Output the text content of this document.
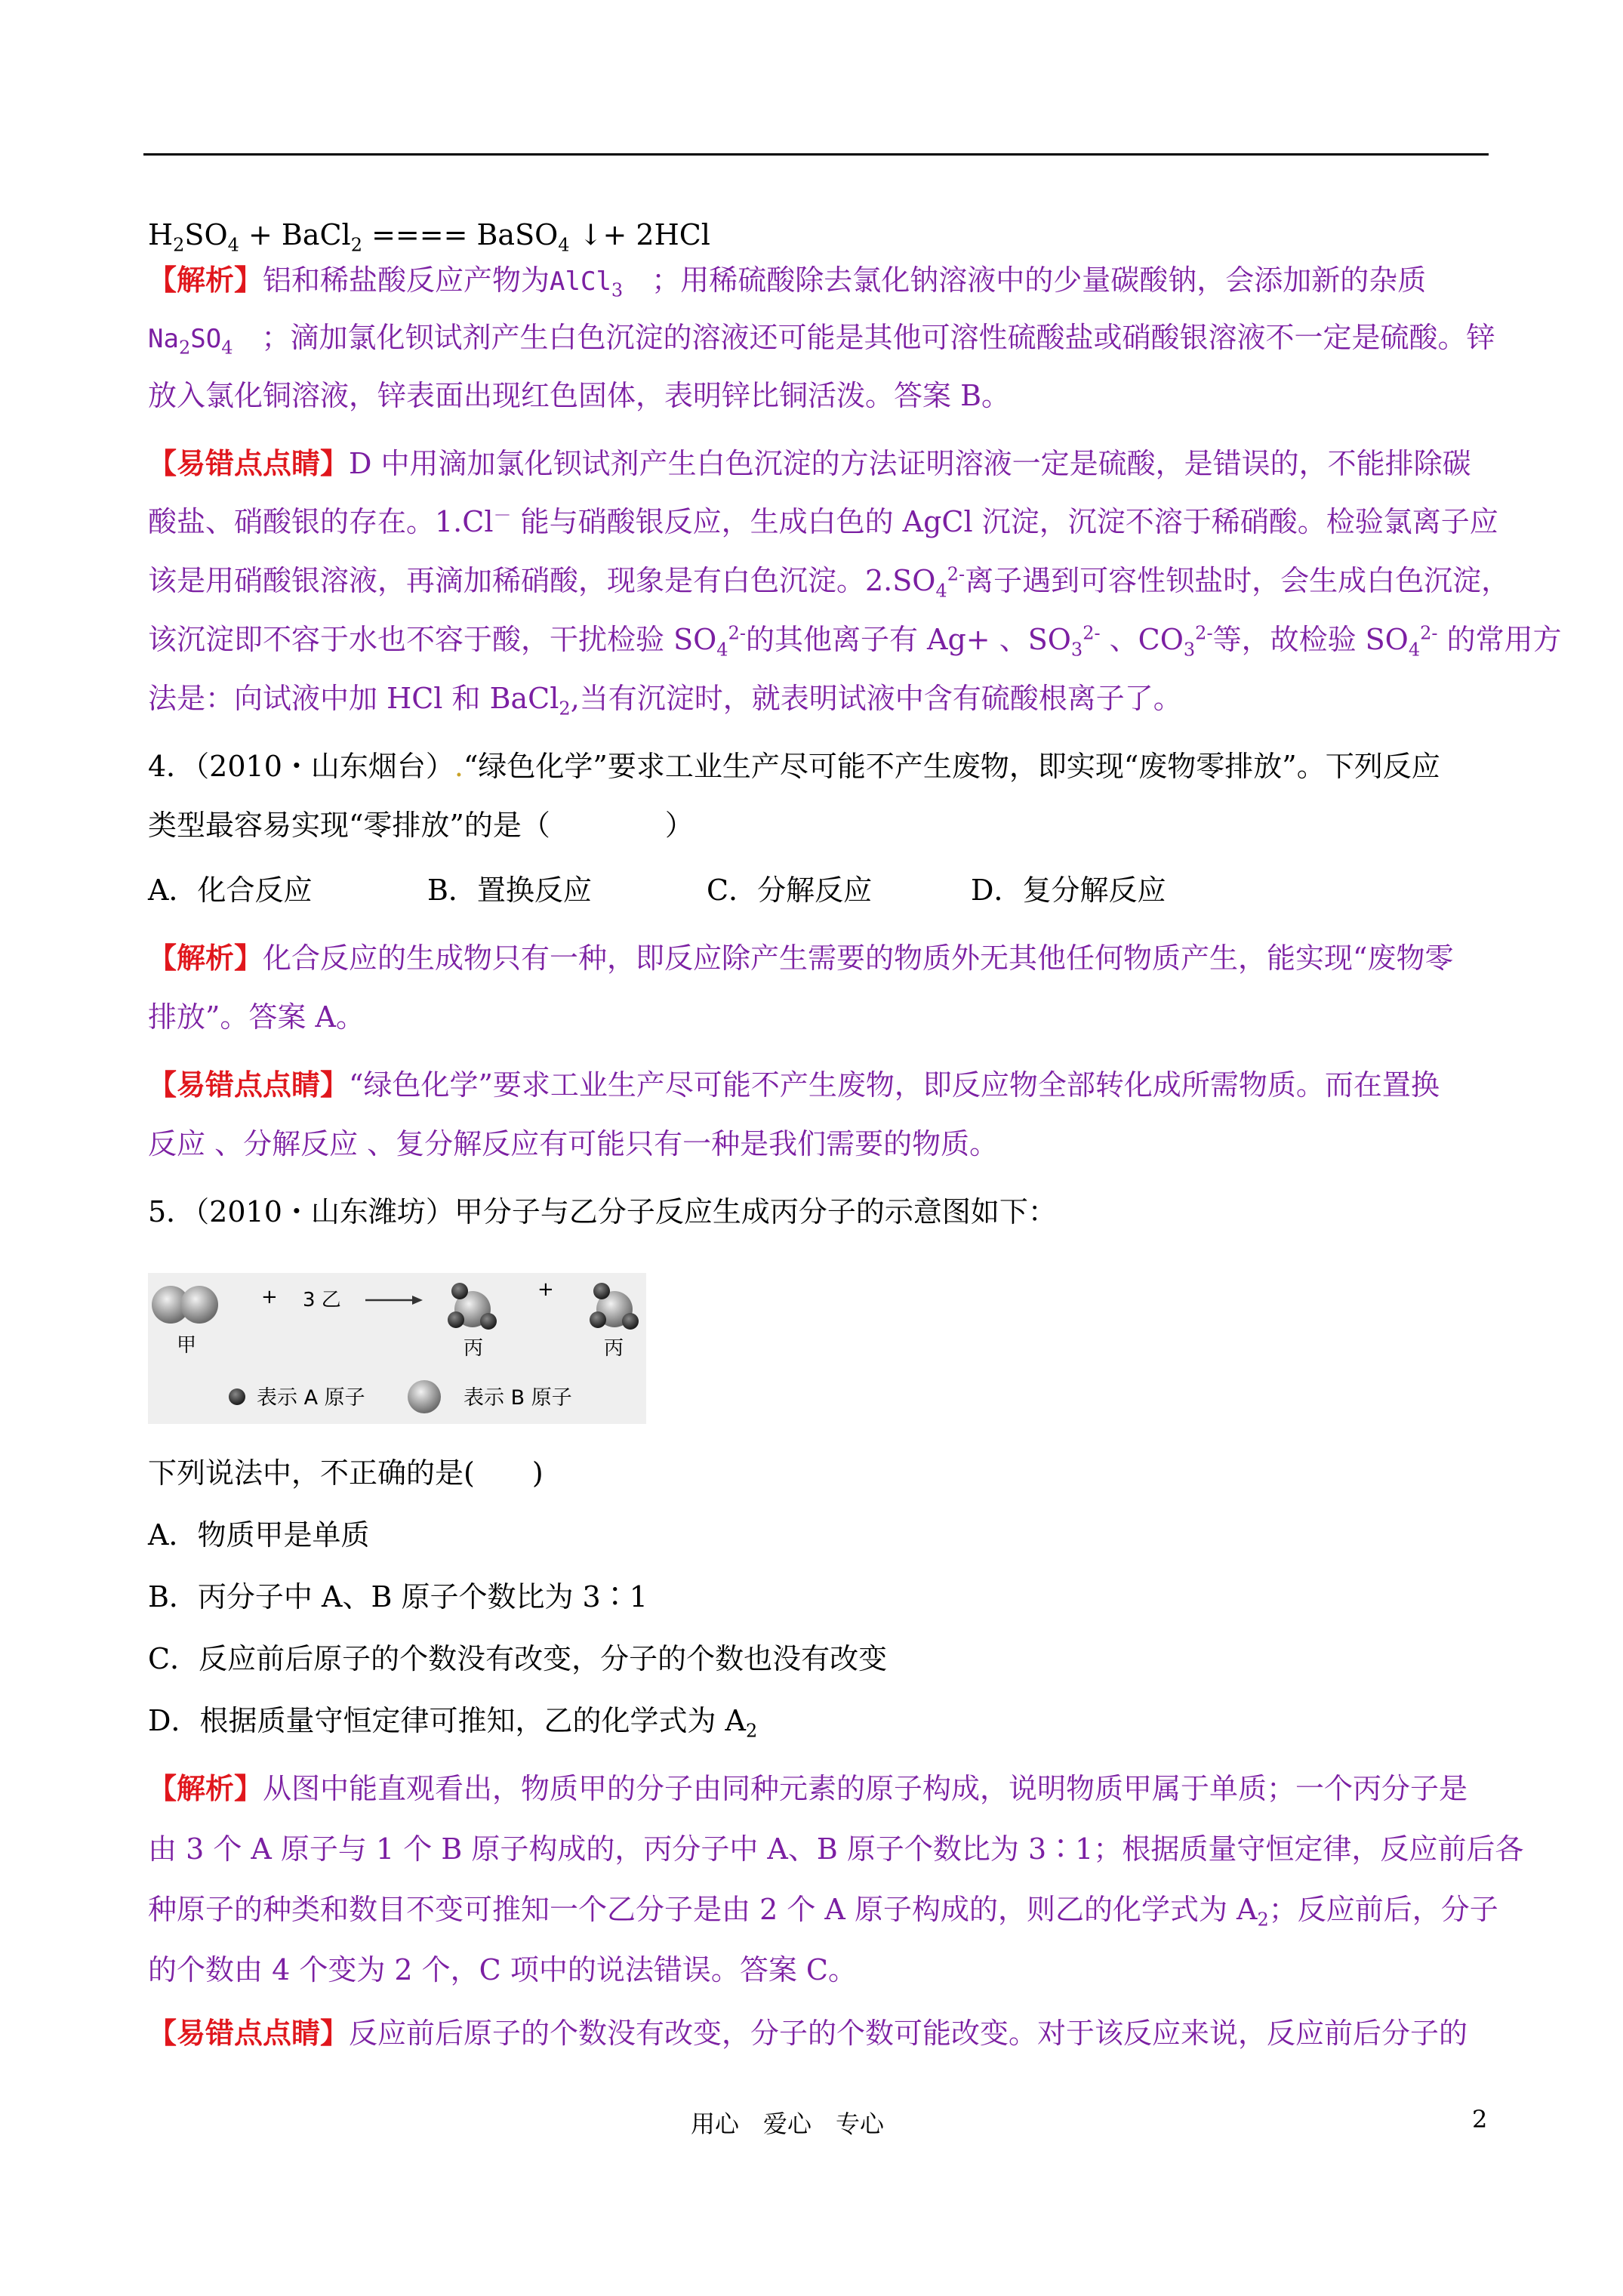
$H_2SO_4$ + BaCl$_2$ ==== BaSO$_4$ ↓+ 2HCl
【解析】铝和稀盐酸反应产物为AlCl$_3$　；用稀硫酸除去氯化钠溶液中的少量碳酸钠，会添加新的杂质
$Na_2SO_4$　；滴加氯化钡试剂产生白色沉淀的溶液还可能是其他可溶性硫酸盐或硝酸银溶液不一定是硫酸。锌
放入氯化铜溶液，锌表面出现红色固体，表明锌比铜活泼。答案 B。
【易错点点睛】D 中用滴加氯化钡试剂产生白色沉淀的方法证明溶液一定是硫酸，是错误的，不能排除碳
酸盐、硝酸银的存在。1.Cl－ 能与硝酸银反应，生成白色的 AgCl 沉淀，沉淀不溶于稀硝酸。检验氯离子应
该是用硝酸银溶液，再滴加稀硝酸，现象是有白色沉淀。$2.SO_4^{2-}$离子遇到可容性钡盐时，会生成白色沉淀，
该沉淀即不容于水也不容于酸，干扰检验 $SO_4^{2-}$的其他离子有 Ag+ 、$SO_3^{2-}$ 、$CO_3^{2-}$等，故检验 $SO_4^{2-}$ 的常用方
法是：向试液中加 HCl 和 BaCl$_2$,当有沉淀时，就表明试液中含有硫酸根离子了。
4．（2010・山东烟台）.“绿色化学”要求工业生产尽可能不产生废物，即实现“废物零排放”。下列反应
类型最容易实现“零排放”的是（　　　　）
A．化合反应	B．置换反应	C．分解反应	D．复分解反应
【解析】化合反应的生成物只有一种，即反应除产生需要的物质外无其他任何物质产生，能实现“废物零
排放”。答案 A。
【易错点点睛】“绿色化学”要求工业生产尽可能不产生废物，即反应物全部转化成所需物质。而在置换
反应 、分解反应 、复分解反应有可能只有一种是我们需要的物质。
5．（2010・山东潍坊）甲分子与乙分子反应生成丙分子的示意图如下：
甲
+ 3 乙
丙
+
丙
表示 A 原子	表示 B 原子
下列说法中，不正确的是(　　)
A．物质甲是单质
B．丙分子中 A、B 原子个数比为 3∶1
C．反应前后原子的个数没有改变，分子的个数也没有改变
D．根据质量守恒定律可推知，乙的化学式为 $A_2$
【解析】从图中能直观看出，物质甲的分子由同种元素的原子构成，说明物质甲属于单质；一个丙分子是
由 3 个 A 原子与 1 个 B 原子构成的，丙分子中 A、B 原子个数比为 3∶1；根据质量守恒定律，反应前后各
种原子的种类和数目不变可推知一个乙分子是由 2 个 A 原子构成的，则乙的化学式为 $A_2$；反应前后，分子
的个数由 4 个变为 2 个，C 项中的说法错误。答案 C。
【易错点点睛】反应前后原子的个数没有改变，分子的个数可能改变。对于该反应来说，反应前后分子的
用心　爱心　专心	2
